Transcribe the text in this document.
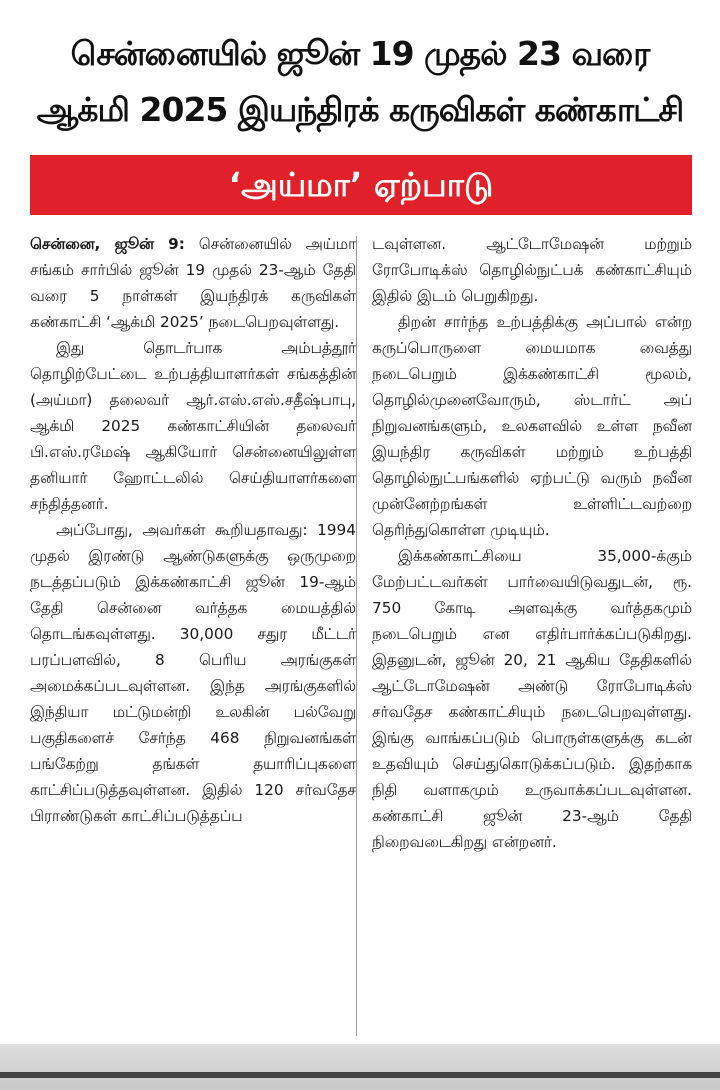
சென்னையில் ஜூன் 19 முதல் 23 வரை
ஆக்மி 2025 இயந்திரக் கருவிகள் கண்காட்சி
‘அய்மா’ ஏற்பாடு

சென்னை, ஜூன் 9: சென்னையில் அய்மா சங்கம் சார்பில் ஜூன் 19 முதல் 23-ஆம் தேதி வரை 5 நாள்கள் இயந்திரக் கருவிகள் கண்காட்சி ‘ஆக்மி 2025’ நடைபெறவுள்ளது.

இது தொடர்பாக அம்பத்தூர் தொழிற்பேட்டை உற்பத்தியாளர்கள் சங்கத்தின் (அய்மா) தலைவர் ஆர்.எஸ்.எஸ்.சதீஷ்பாபு, ஆக்மி 2025 கண்காட்சியின் தலைவர் பி.எஸ்.ரமேஷ் ஆகியோர் சென்னையிலுள்ள தனியார் ஹோட்டலில் செய்தியாளர்களை சந்தித்தனர்.

அப்போது, அவர்கள் கூறியதாவது: 1994 முதல் இரண்டு ஆண்டுகளுக்கு ஒருமுறை நடத்தப்படும் இக்கண்காட்சி ஜூன் 19-ஆம் தேதி சென்னை வர்த்தக மையத்தில் தொடங்கவுள்ளது. 30,000 சதுர மீட்டர் பரப்பளவில், 8 பெரிய அரங்குகள் அமைக்கப்படவுள்ளன. இந்த அரங்குகளில் இந்தியா மட்டுமன்றி உலகின் பல்வேறு பகுதிகளைச் சேர்ந்த 468 நிறுவனங்கள் பங்கேற்று தங்கள் தயாரிப்புகளை காட்சிப்படுத்தவுள்ளன. இதில் 120 சர்வதேச பிராண்டுகள் காட்சிப்படுத்தப்ப

டவுள்ளன. ஆட்டோமேஷன் மற்றும் ரோபோடிக்ஸ் தொழில்நுட்பக் கண்காட்சியும் இதில் இடம் பெறுகிறது.

திறன் சார்ந்த உற்பத்திக்கு அப்பால் என்ற கருப்பொருளை மையமாக வைத்து நடைபெறும் இக்கண்காட்சி மூலம், தொழில்முனைவோரும், ஸ்டார்ட் அப் நிறுவனங்களும், உலகளவில் உள்ள நவீன இயந்திர கருவிகள் மற்றும் உற்பத்தி தொழில்நுட்பங்களில் ஏற்பட்டு வரும் நவீன முன்னேற்றங்கள் உள்ளிட்டவற்றை தெரிந்துகொள்ள முடியும்.

இக்கண்காட்சியை 35,000-க்கும் மேற்பட்டவர்கள் பார்வையிடுவதுடன், ரூ. 750 கோடி அளவுக்கு வர்த்தகமும் நடைபெறும் என எதிர்பார்க்கப்படுகிறது. இதனுடன், ஜூன் 20, 21 ஆகிய தேதிகளில் ஆட்டோமேஷன் அண்டு ரோபோடிக்ஸ் சர்வதேச கண்காட்சியும் நடைபெறவுள்ளது. இங்கு வாங்கப்படும் பொருள்களுக்கு கடன் உதவியும் செய்துகொடுக்கப்படும். இதற்காக நிதி வளாகமும் உருவாக்கப்படவுள்ளன. கண்காட்சி ஜூன் 23-ஆம் தேதி நிறைவடைகிறது என்றனர்.
